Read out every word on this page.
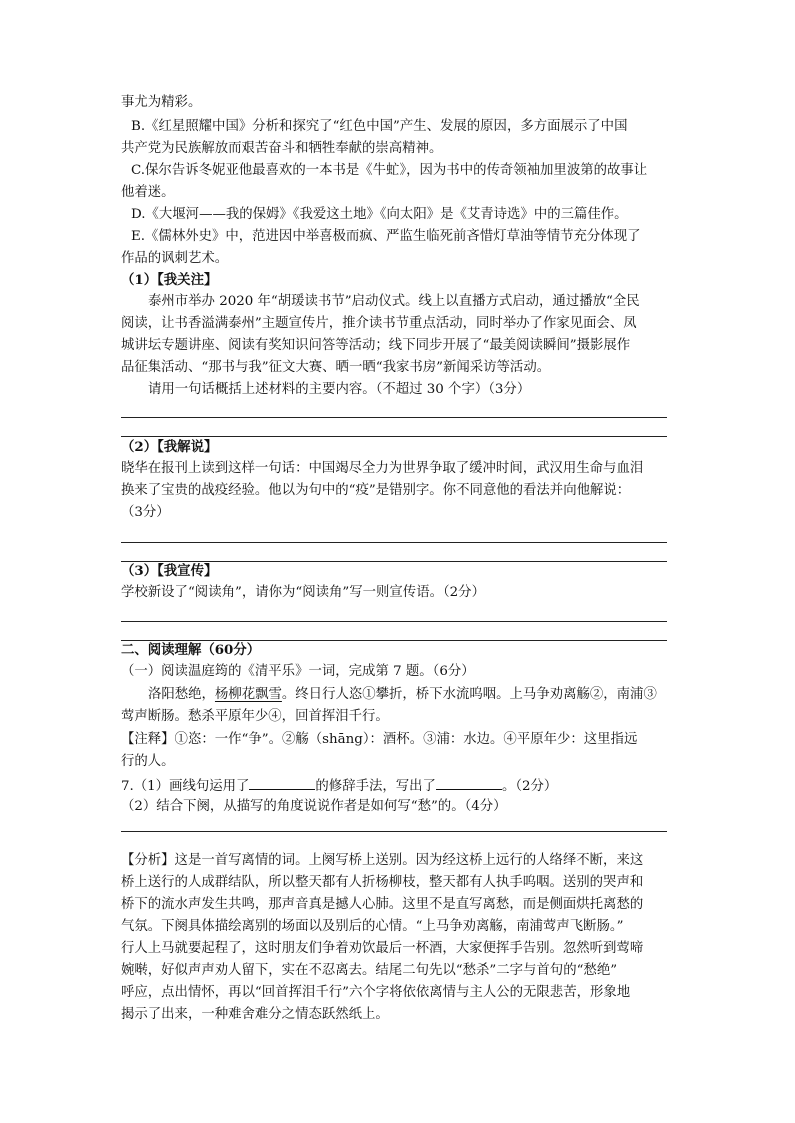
事尤为精彩。
B.《红星照耀中国》分析和探究了“红色中国”产生、发展的原因，多方面展示了中国
共产党为民族解放而艰苦奋斗和牺牲奉献的崇高精神。
C.保尔告诉冬妮亚他最喜欢的一本书是《牛虻》，因为书中的传奇领袖加里波第的故事让
他着迷。
D.《大堰河——我的保姆》《我爱这土地》《向太阳》是《艾青诗选》中的三篇佳作。
E.《儒林外史》中，范进因中举喜极而疯、严监生临死前吝惜灯草油等情节充分体现了
作品的讽刺艺术。
（1）【我关注】
泰州市举办 2020 年“胡瑗读书节”启动仪式。线上以直播方式启动，通过播放“全民
阅读，让书香溢满泰州”主题宣传片，推介读书节重点活动，同时举办了作家见面会、凤
城讲坛专题讲座、阅读有奖知识问答等活动；线下同步开展了“最美阅读瞬间”摄影展作
品征集活动、“那书与我”征文大赛、晒一晒“我家书房”新闻采访等活动。
请用一句话概括上述材料的主要内容。（不超过 30 个字）（3分）
（2）【我解说】
晓华在报刊上读到这样一句话：中国竭尽全力为世界争取了缓冲时间，武汉用生命与血泪
换来了宝贵的战疫经验。他以为句中的“疫”是错别字。你不同意他的看法并向他解说：
（3分）
（3）【我宣传】
学校新设了“阅读角”，请你为“阅读角”写一则宣传语。（2分）
二、阅读理解（60分）
（一）阅读温庭筠的《清平乐》一词，完成第 7 题。（6分）
洛阳愁绝，杨柳花飘雪。终日行人恣①攀折，桥下水流呜咽。上马争劝离觞②，南浦③
莺声断肠。愁杀平原年少④，回首挥泪千行。
【注释】①恣：一作“争”。②觞（shāng）：酒杯。③浦：水边。④平原年少：这里指远
行的人。
7.（1）画线句运用了	的修辞手法，写出了	。（2分）
（2）结合下阕，从描写的角度说说作者是如何写“愁”的。（4分）
【分析】这是一首写离情的词。上阕写桥上送别。因为经这桥上远行的人络绎不断，来这
桥上送行的人成群结队，所以整天都有人折杨柳枝，整天都有人执手呜咽。送别的哭声和
桥下的流水声发生共鸣，那声音真是撼人心肺。这里不是直写离愁，而是侧面烘托离愁的
气氛。下阕具体描绘离别的场面以及别后的心情。“上马争劝离觞，南浦莺声飞断肠。”
行人上马就要起程了，这时朋友们争着劝饮最后一杯酒，大家便挥手告别。忽然听到莺啼
婉啭，好似声声劝人留下，实在不忍离去。结尾二句先以“愁杀”二字与首句的“愁绝”
呼应，点出情怀，再以“回首挥泪千行”六个字将依依离情与主人公的无限悲苦，形象地
揭示了出来，一种难舍难分之情态跃然纸上。
